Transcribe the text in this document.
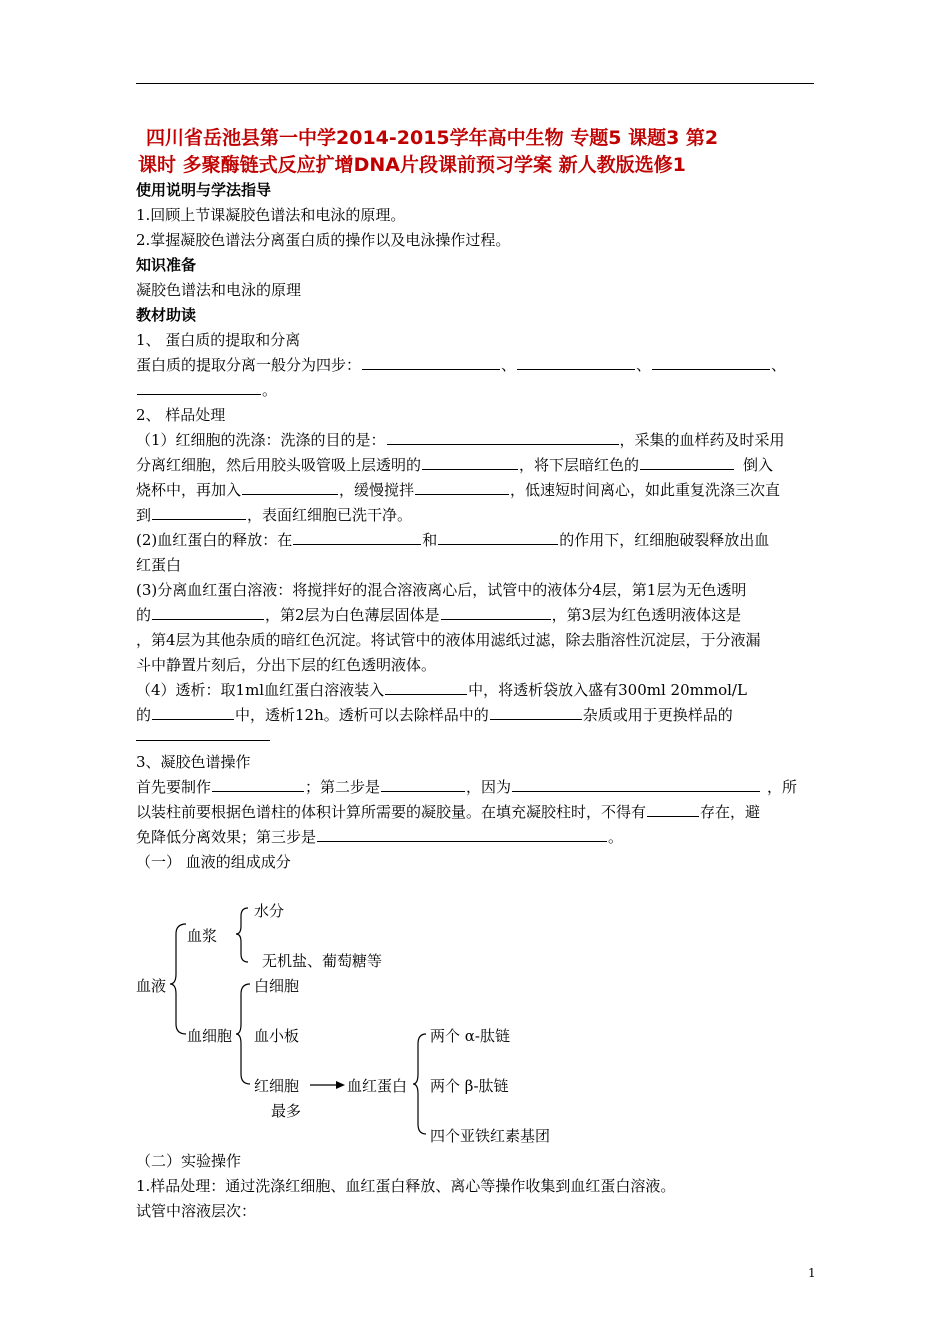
四川省岳池县第一中学2014-2015学年高中生物 专题5 课题3 第2
课时 多聚酶链式反应扩增DNA片段课前预习学案 新人教版选修1
使用说明与学法指导
1.回顾上节课凝胶色谱法和电泳的原理。
2.掌握凝胶色谱法分离蛋白质的操作以及电泳操作过程。
知识准备
凝胶色谱法和电泳的原理
教材助读
1、 蛋白质的提取和分离
蛋白质的提取分离一般分为四步：	、	、	、
。
2、 样品处理
（1）红细胞的洗涤：洗涤的目的是：	，采集的血样药及时采用
分离红细胞，然后用胶头吸管吸上层透明的	，将下层暗红色的	倒入
烧杯中，再加入	，缓慢搅拌	，低速短时间离心，如此重复洗涤三次直
到	，表面红细胞已洗干净。
(2)血红蛋白的释放：在	和	的作用下，红细胞破裂释放出血
红蛋白
(3)分离血红蛋白溶液：将搅拌好的混合溶液离心后，试管中的液体分4层，第1层为无色透明
的	，第2层为白色薄层固体是	，第3层为红色透明液体这是
，第4层为其他杂质的暗红色沉淀。将试管中的液体用滤纸过滤，除去脂溶性沉淀层，于分液漏
斗中静置片刻后，分出下层的红色透明液体。
（4）透析：取1ml血红蛋白溶液装入	中，将透析袋放入盛有300ml 20mmol/L
的	中，透析12h。透析可以去除样品中的	杂质或用于更换样品的
3、凝胶色谱操作
首先要制作	；第二步是	，因为	，所
以装柱前要根据色谱柱的体积计算所需要的凝胶量。在填充凝胶柱时，不得有	存在，避
免降低分离效果；第三步是	。
（一） 血液的组成成分
血液
血浆
水分
无机盐、葡萄糖等
血细胞
白细胞
血小板
红细胞
最多
血红蛋白
两个 α-肽链
两个 β-肽链
四个亚铁红素基团
（二）实验操作
1.样品处理：通过洗涤红细胞、血红蛋白释放、离心等操作收集到血红蛋白溶液。
试管中溶液层次：
1
